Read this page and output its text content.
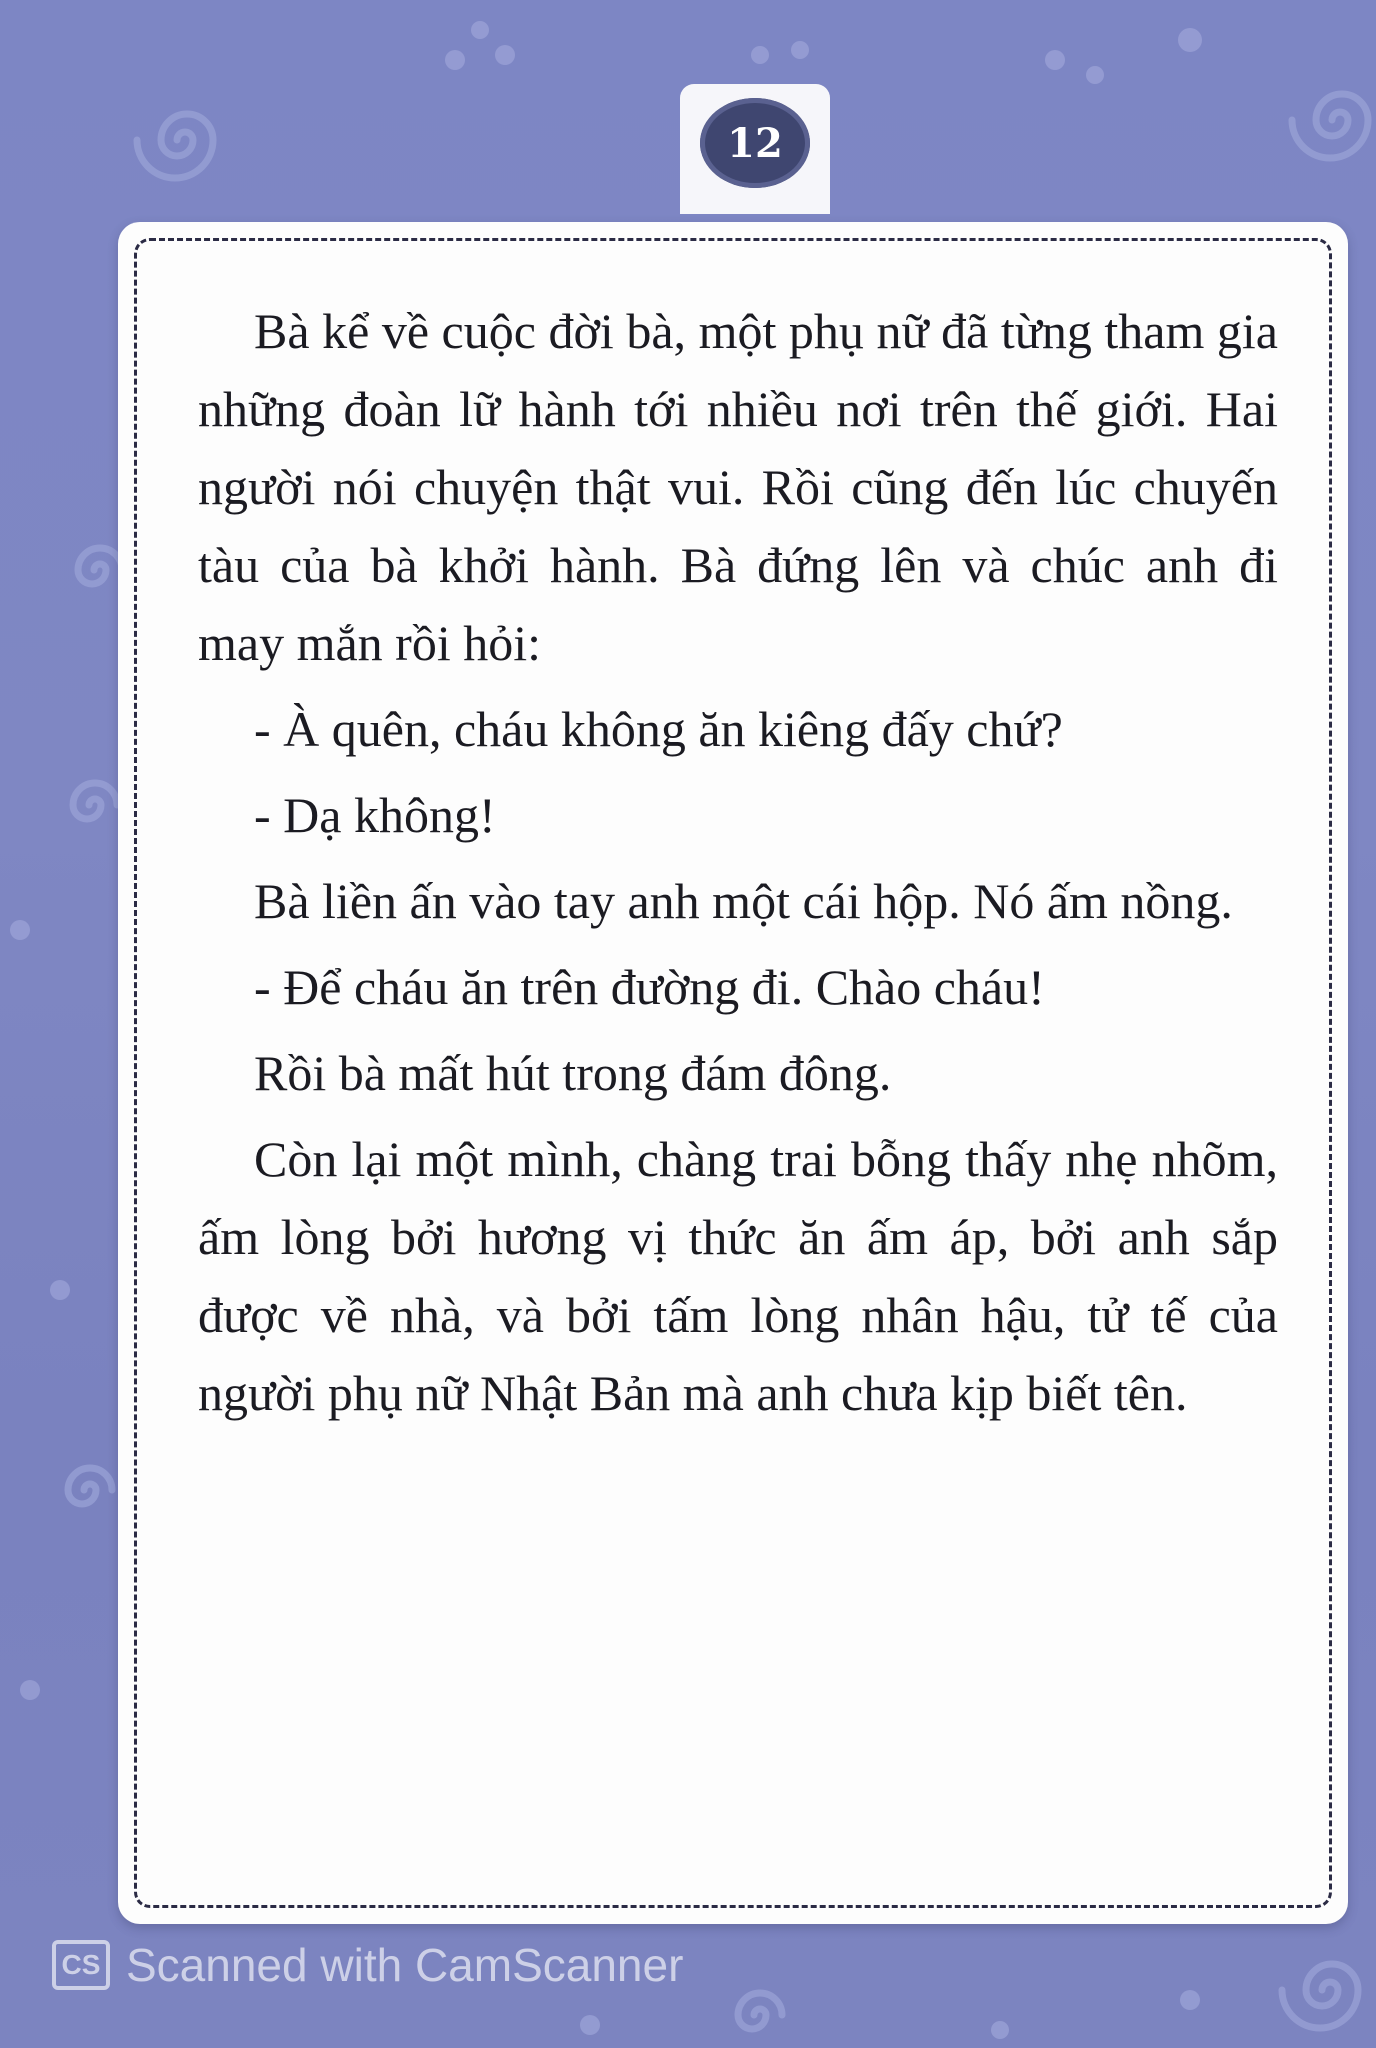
12

Bà kể về cuộc đời bà, một phụ nữ đã từng tham gia những đoàn lữ hành tới nhiều nơi trên thế giới. Hai người nói chuyện thật vui. Rồi cũng đến lúc chuyến tàu của bà khởi hành. Bà đứng lên và chúc anh đi may mắn rồi hỏi:

- À quên, cháu không ăn kiêng đấy chứ?

- Dạ không!

Bà liền ấn vào tay anh một cái hộp. Nó ấm nồng.

- Để cháu ăn trên đường đi. Chào cháu!

Rồi bà mất hút trong đám đông.

Còn lại một mình, chàng trai bỗng thấy nhẹ nhõm, ấm lòng bởi hương vị thức ăn ấm áp, bởi anh sắp được về nhà, và bởi tấm lòng nhân hậu, tử tế của người phụ nữ Nhật Bản mà anh chưa kịp biết tên.

CS Scanned with CamScanner
